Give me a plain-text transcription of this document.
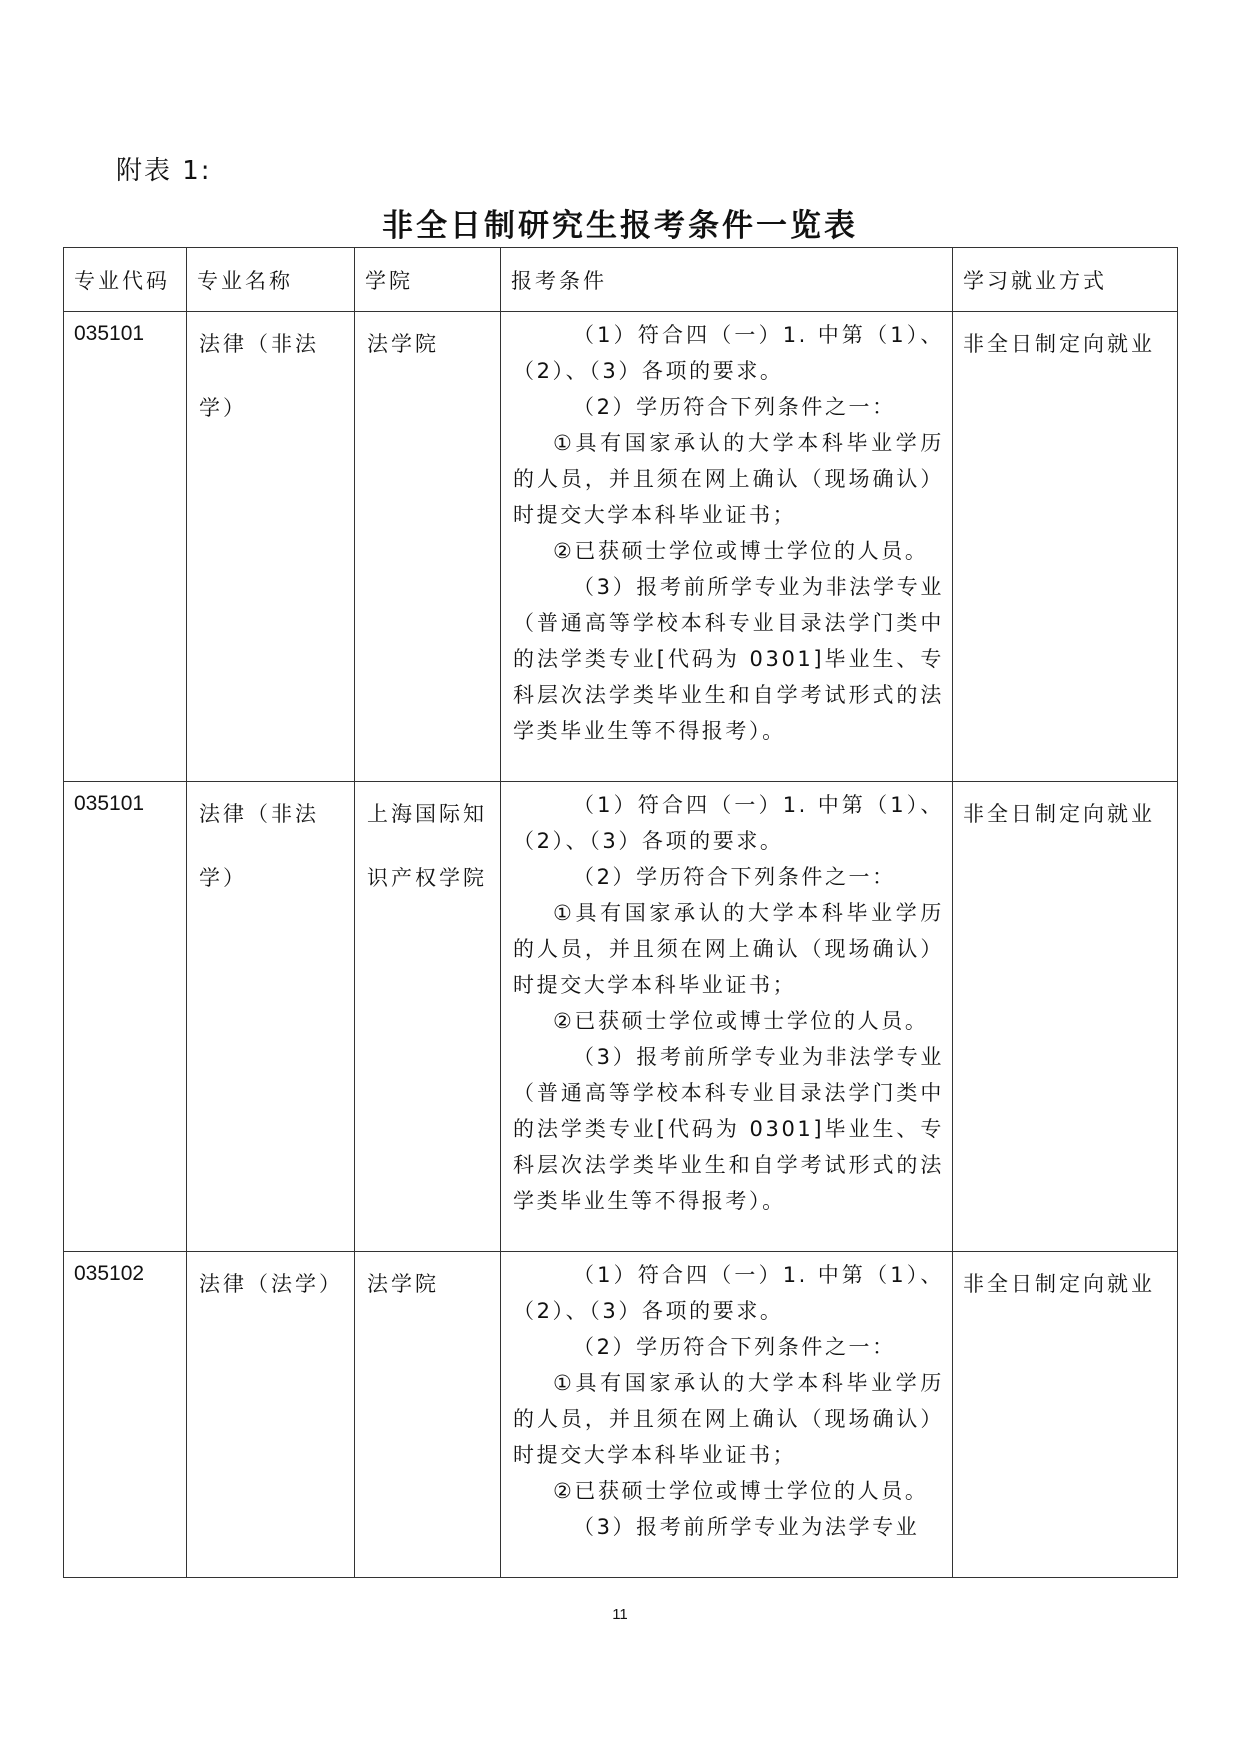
附表 1:
非全日制研究生报考条件一览表
专业代码	专业名称	学院	报考条件	学习就业方式

035101	法律（非法学）	法学院	（1）符合四（一）1. 中第（1）、（2）、（3）各项的要求。

（2）学历符合下列条件之一：

①具有国家承认的大学本科毕业学历的人员，并且须在网上确认（现场确认）时提交大学本科毕业证书；

②已获硕士学位或博士学位的人员。

（3）报考前所学专业为非法学专业（普通高等学校本科专业目录法学门类中的法学类专业[代码为 0301]毕业生、专科层次法学类毕业生和自学考试形式的法学类毕业生等不得报考）。	非全日制定向就业

035101	法律（非法学）	上海国际知识产权学院	（1）符合四（一）1. 中第（1）、（2）、（3）各项的要求。

（2）学历符合下列条件之一：

①具有国家承认的大学本科毕业学历的人员，并且须在网上确认（现场确认）时提交大学本科毕业证书；

②已获硕士学位或博士学位的人员。

（3）报考前所学专业为非法学专业（普通高等学校本科专业目录法学门类中的法学类专业[代码为 0301]毕业生、专科层次法学类毕业生和自学考试形式的法学类毕业生等不得报考）。	非全日制定向就业

035102	法律（法学）	法学院	（1）符合四（一）1. 中第（1）、（2）、（3）各项的要求。

（2）学历符合下列条件之一：

①具有国家承认的大学本科毕业学历的人员，并且须在网上确认（现场确认）时提交大学本科毕业证书；

②已获硕士学位或博士学位的人员。

（3）报考前所学专业为法学专业	非全日制定向就业
11
